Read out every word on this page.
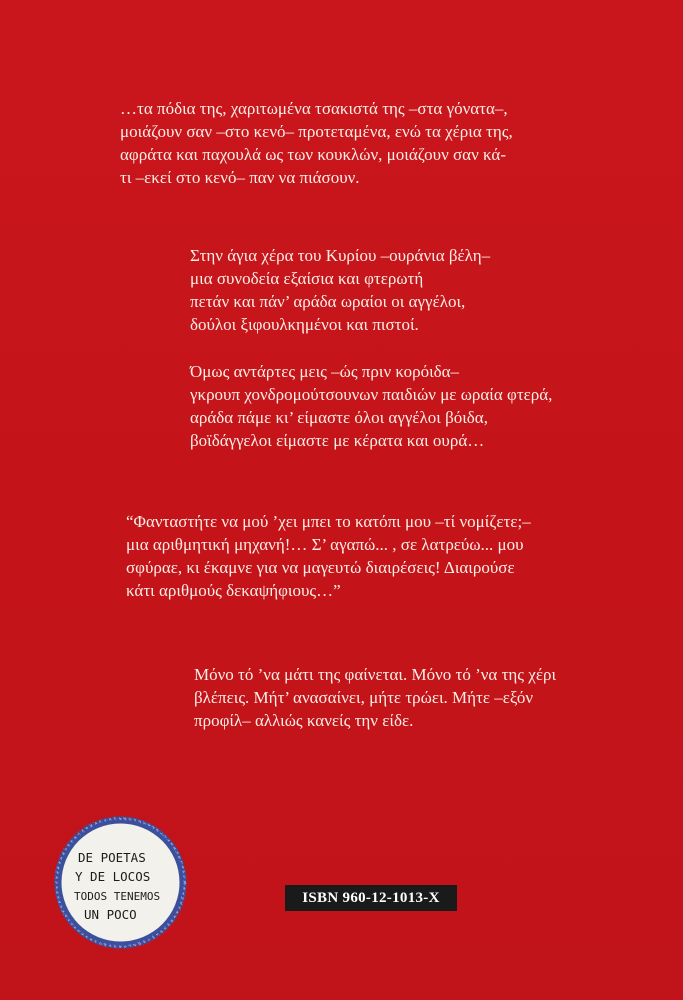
…τα πόδια της, χαριτωμένα τσακιστά της –στα γόνατα–,
μοιάζουν σαν –στο κενό– προτεταμένα, ενώ τα χέρια της,
αφράτα και παχουλά ως των κουκλών, μοιάζουν σαν κά-
τι –εκεί στο κενό– παν να πιάσουν.

Στην άγια χέρα του Κυρίου –ουράνια βέλη–
μια συνοδεία εξαίσια και φτερωτή
πετάν και πάν’ αράδα ωραίοι οι αγγέλοι,
δούλοι ξιφουλκημένοι και πιστοί.

Όμως αντάρτες μεις –ώς πριν κορόιδα–
γκρουπ χονδρομούτσουνων παιδιών με ωραία φτερά,
αράδα πάμε κι’ είμαστε όλοι αγγέλοι βόιδα,
βοϊδάγγελοι είμαστε με κέρατα και ουρά…

“Φανταστήτε να μού ’χει μπει το κατόπι μου –τί νομίζετε;–
μια αριθμητική μηχανή!… Σ’ αγαπώ... , σε λατρεύω... μου
σφύραε, κι έκαμνε για να μαγευτώ διαιρέσεις! Διαιρούσε
κάτι αριθμούς δεκαψήφιους…”

Μόνο τό ’να μάτι της φαίνεται. Μόνο τό ’να της χέρι
βλέπεις. Μήτ’ ανασαίνει, μήτε τρώει. Μήτε –εξόν
προφίλ– αλλιώς κανείς την είδε.

DE POETAS
Y DE LOCOS
TODOS TENEMOS
UN POCO
ISBN 960-12-1013-X
